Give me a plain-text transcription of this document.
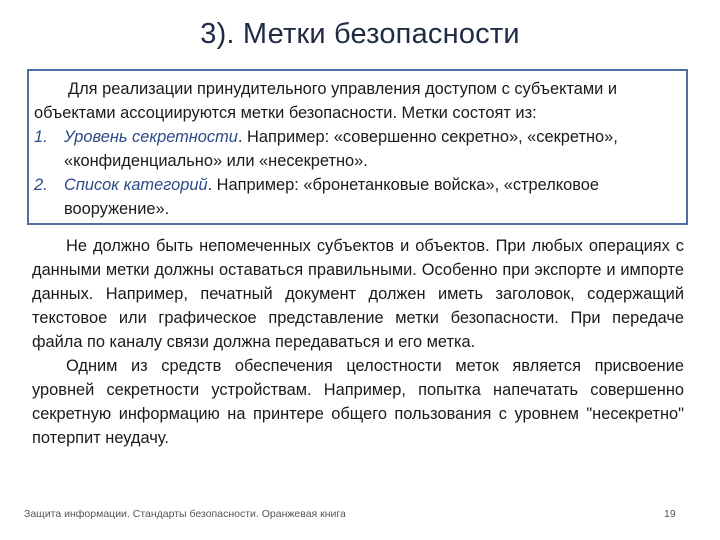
3). Метки безопасности

Для реализации принудительного управления доступом с субъектами и объектами ассоциируются метки безопасности. Метки состоят из:

1. Уровень секретности. Например: «совершенно секретно», «секретно», «конфиденциально» или «несекретно».

2. Список категорий. Например: «бронетанковые войска», «стрелковое вооружение».

Не должно быть непомеченных субъектов и объектов. При любых операциях с данными метки должны оставаться правильными. Особенно при экспорте и импорте данных. Например, печатный документ должен иметь заголовок, содержащий текстовое или графическое представление метки безопасности. При передаче файла по каналу связи должна передаваться и его метка.

Одним из средств обеспечения целостности меток является присвоение уровней секретности устройствам. Например, попытка напечатать совершенно секретную информацию на принтере общего пользования с уровнем "несекретно" потерпит неудачу.

Защита информации. Стандарты безопасности. Оранжевая книга	19
